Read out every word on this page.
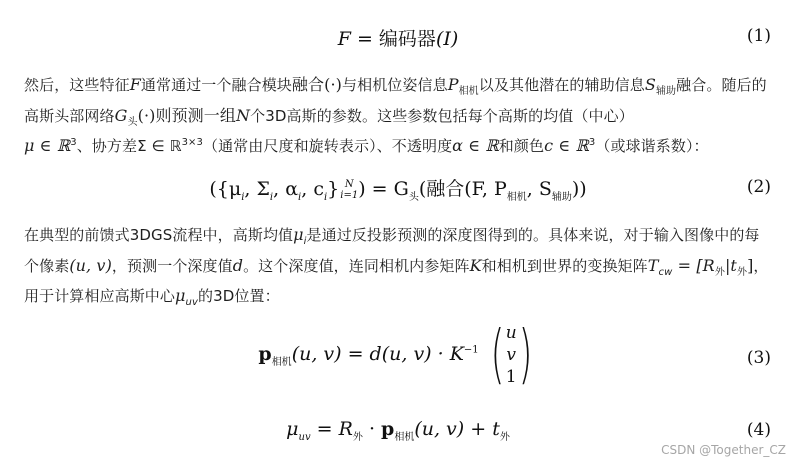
F = 编码器(I)	(1)
然后，这些特征F通常通过一个融合模块融合(·)与相机位姿信息$P_{相机}$以及其他潜在的辅助信息$S_{辅助}$融合。随后的高斯头部网络$G_头(\cdot)$则预测一组N个3D高斯的参数。这些参数包括每个高斯的均值（中心）
μ ∈ ℝ$^3$、协方差Σ ∈ ℝ$^{3\times 3}$（通常由尺度和旋转表示）、不透明度α ∈ ℝ和颜色c ∈ ℝ$^3$（或球谐系数）：
({$\mu_i$, $\Sigma_i$, $\alpha_i$, $c_i$} N
i=1 ) = $G_头$(融合(F, $P_{相机}$, $S_{辅助}$))	(2)
在典型的前馈式3DGS流程中，高斯均值$\mu_i$是通过反投影预测的深度图得到的。具体来说，对于输入图像中的每个像素(u, v)，预测一个深度值d。这个深度值，连同相机内参矩阵K和相机到世界的变换矩阵$T_{cw} = [R_外|t_外]$，用于计算相应高斯中心$\mu_{uv}$的3D位置：
$p_{相机}(u$, v) = d(u, $v) \cdot K^{-1}$ ( u
v
1 )	(3)
$\mu_{uv} = R_外 \cdot p_{相机}(u$, $v) + t_外$	(4)
CSDN @Together_CZ
